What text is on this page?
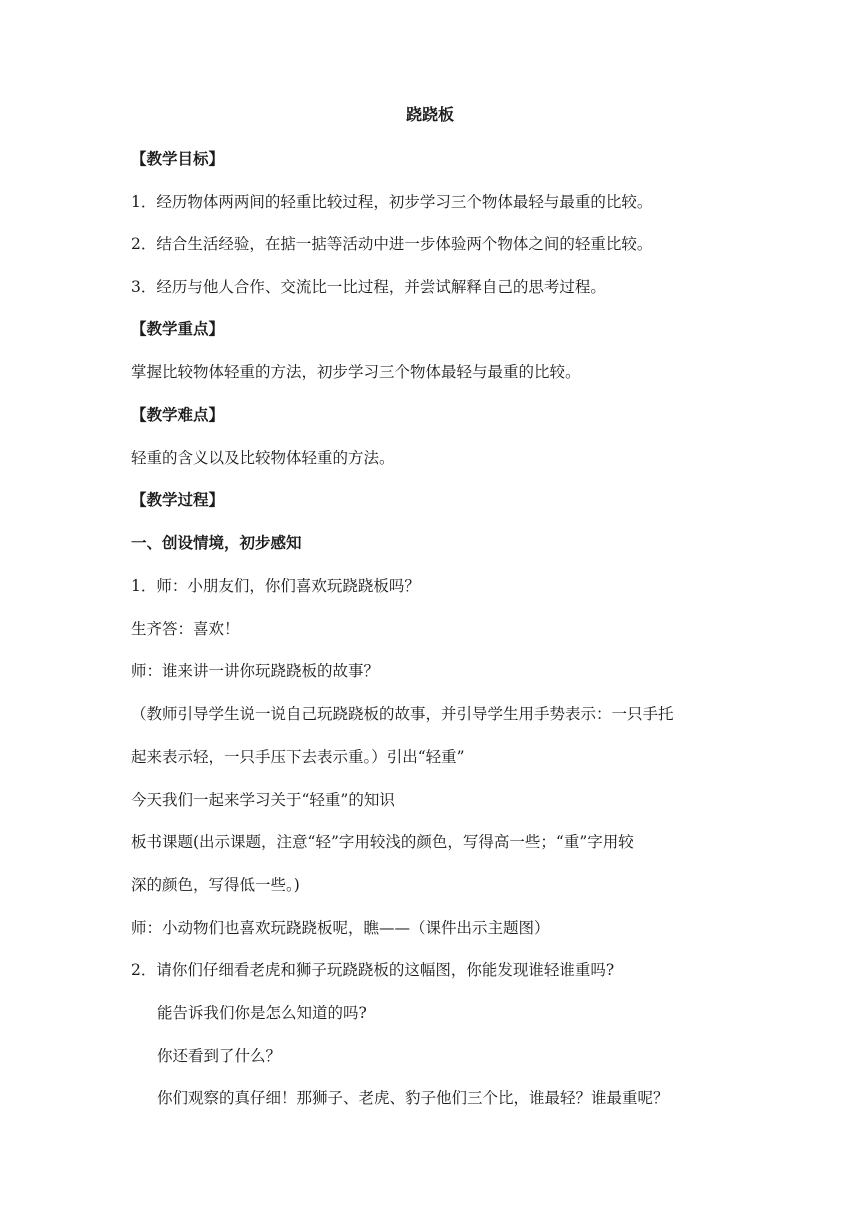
跷跷板
【教学目标】
1．经历物体两两间的轻重比较过程，初步学习三个物体最轻与最重的比较。
2．结合生活经验，在掂一掂等活动中进一步体验两个物体之间的轻重比较。
3．经历与他人合作、交流比一比过程，并尝试解释自己的思考过程。
【教学重点】
掌握比较物体轻重的方法，初步学习三个物体最轻与最重的比较。
【教学难点】
轻重的含义以及比较物体轻重的方法。
【教学过程】
一、创设情境，初步感知
1．师：小朋友们，你们喜欢玩跷跷板吗？
生齐答：喜欢！
师：谁来讲一讲你玩跷跷板的故事？
（教师引导学生说一说自己玩跷跷板的故事，并引导学生用手势表示：一只手托
起来表示轻，一只手压下去表示重。）引出“轻重”
今天我们一起来学习关于“轻重”的知识
板书课题(出示课题，注意“轻”字用较浅的颜色，写得高一些；“重”字用较
深的颜色，写得低一些。)
师：小动物们也喜欢玩跷跷板呢，瞧——（课件出示主题图）
2．请你们仔细看老虎和狮子玩跷跷板的这幅图，你能发现谁轻谁重吗?
能告诉我们你是怎么知道的吗?
你还看到了什么？
你们观察的真仔细！那狮子、老虎、豹子他们三个比，谁最轻？谁最重呢？
